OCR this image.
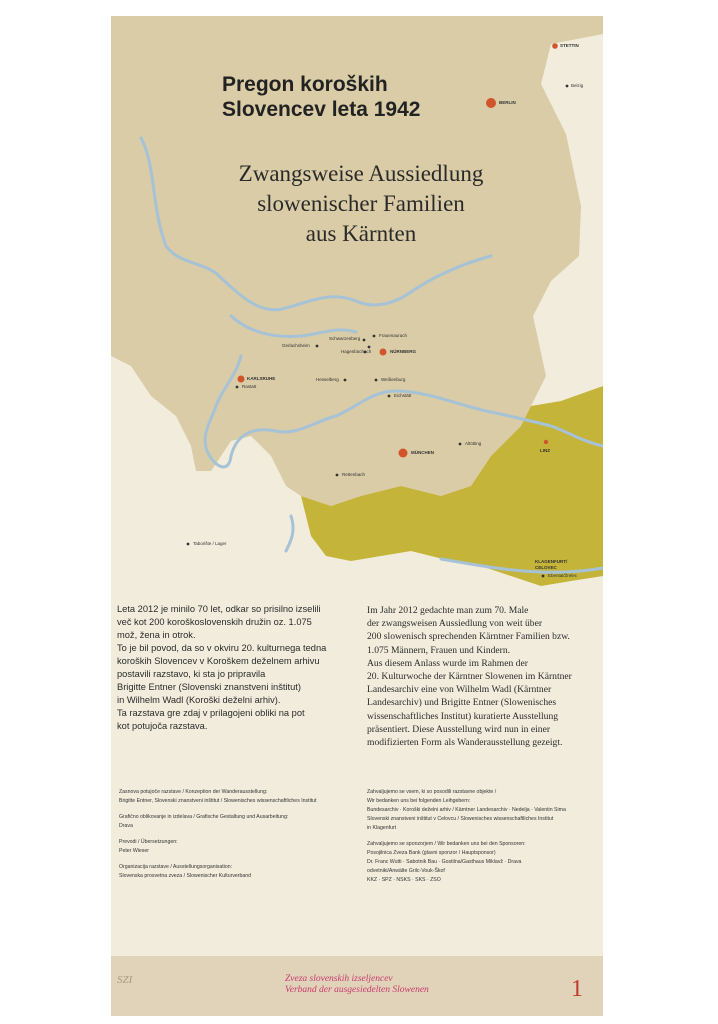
STETTIN
Belzig
BERLIN
Frauenaurach
Schwarzenberg
Gerlachsheim
Hagenbüchach	NÜRNBERG
KARLSRUHE
Rastatt
Hesselberg	Weißenburg
Eichstätt
Altötting
LINZ
MÜNCHEN
Rettenbach
Taborište / Lager
KLAGENFURT/
CELOVEC
Ebental/Žrelec
Pregon koroških
Slovencev leta 1942
Zwangsweise Aussiedlung
slowenischer Familien
aus Kärnten
Leta 2012 je minilo 70 let, odkar so prisilno izselili
več kot 200 koroškoslovenskih družin oz. 1.075
mož, žena in otrok.
To je bil povod, da so v okviru 20. kulturnega tedna
koroških Slovencev v Koroškem deželnem arhivu
postavili razstavo, ki sta jo pripravila
Brigitte Entner (Slovenski znanstveni inštitut)
in Wilhelm Wadl (Koroški deželni arhiv).
Ta razstava gre zdaj v prilagojeni obliki na pot
kot potujoča razstava.
Im Jahr 2012 gedachte man zum 70. Male
der zwangsweisen Aussiedlung von weit über
200 slowenisch sprechenden Kärntner Familien bzw.
1.075 Männern, Frauen und Kindern.
Aus diesem Anlass wurde im Rahmen der
20. Kulturwoche der Kärntner Slowenen im Kärntner
Landesarchiv eine von Wilhelm Wadl (Kärntner
Landesarchiv) und Brigitte Entner (Slowenisches
wissenschaftliches Institut) kuratierte Ausstellung
präsentiert. Diese Ausstellung wird nun in einer
modifizierten Form als Wanderausstellung gezeigt.
Zasnova potujoče razstave / Konzeption der Wanderausstellung:
Brigitte Entner, Slovenski znanstveni inštitut / Slowenisches wissenschaftliches Institut
Grafično oblikovanje in izdelava / Grafische Gestaltung und Ausarbeitung:
Drava
Prevodi / Übersetzungen:
Peter Wieser
Organizacija razstave / Ausstellungsorganisation:
Slovenska prosvetna zveza / Slowenischer Kulturverband
Zahvaljujemo se vsem, ki so posodili razstavne objekte /
Wir bedanken uns bei folgenden Leihgebern:
Bundesarchiv · Koroški deželni arhiv / Kärntner Landesarchiv · Nedelja · Valentin Sima
Slovenski znanstveni inštitut v Celovcu / Slowenisches wissenschaftliches Institut
in Klagenfurt
Zahvaljujemo se sponzorjem / Wir bedanken uns bei den Sponsoren:
Posojilnica Zveza Bank (glavni sponzor / Hauptsponsor)
Dr. Franc Wutti · Sabotnik Bau · Gostilna/Gasthaus Miklavž · Drava
odvetniki/Anwälte Grilc-Vouk-Škof
KKZ · SPZ · NSKS · SKS · ZSO
SZI	Zveza slovenskih izseljencev
Verband der ausgesiedelten Slowenen	1
